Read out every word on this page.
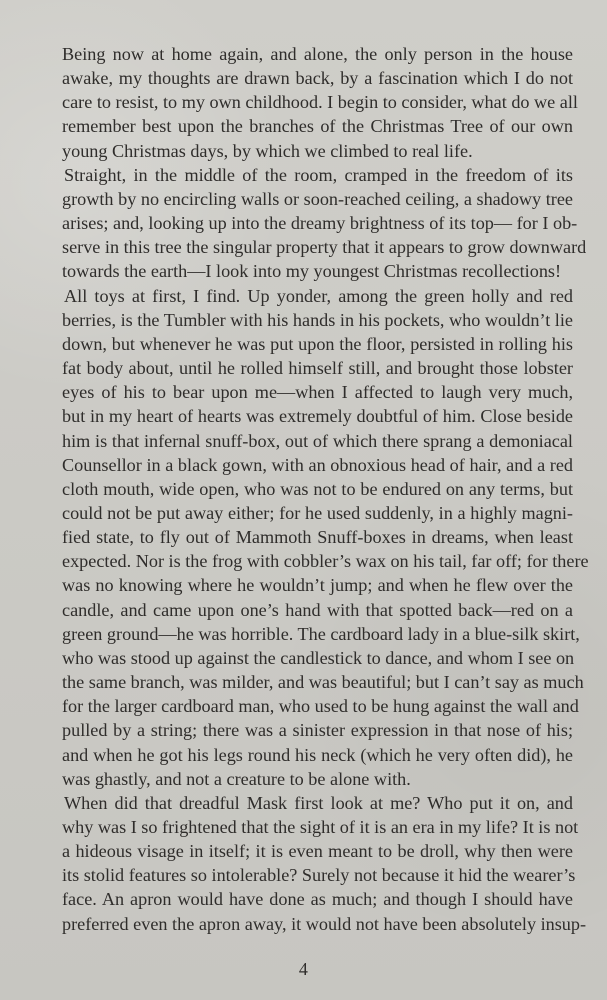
Being now at home again, and alone, the only person in the house
awake, my thoughts are drawn back, by a fascination which I do not
care to resist, to my own childhood. I begin to consider, what do we all
remember best upon the branches of the Christmas Tree of our own
young Christmas days, by which we climbed to real life.

Straight, in the middle of the room, cramped in the freedom of its
growth by no encircling walls or soon-reached ceiling, a shadowy tree
arises; and, looking up into the dreamy brightness of its top— for I ob-
serve in this tree the singular property that it appears to grow downward
towards the earth—I look into my youngest Christmas recollections!

All toys at first, I find. Up yonder, among the green holly and red
berries, is the Tumbler with his hands in his pockets, who wouldn’t lie
down, but whenever he was put upon the floor, persisted in rolling his
fat body about, until he rolled himself still, and brought those lobster
eyes of his to bear upon me—when I affected to laugh very much,
but in my heart of hearts was extremely doubtful of him. Close beside
him is that infernal snuff-box, out of which there sprang a demoniacal
Counsellor in a black gown, with an obnoxious head of hair, and a red
cloth mouth, wide open, who was not to be endured on any terms, but
could not be put away either; for he used suddenly, in a highly magni-
fied state, to fly out of Mammoth Snuff-boxes in dreams, when least
expected. Nor is the frog with cobbler’s wax on his tail, far off; for there
was no knowing where he wouldn’t jump; and when he flew over the
candle, and came upon one’s hand with that spotted back—red on a
green ground—he was horrible. The cardboard lady in a blue-silk skirt,
who was stood up against the candlestick to dance, and whom I see on
the same branch, was milder, and was beautiful; but I can’t say as much
for the larger cardboard man, who used to be hung against the wall and
pulled by a string; there was a sinister expression in that nose of his;
and when he got his legs round his neck (which he very often did), he
was ghastly, and not a creature to be alone with.

When did that dreadful Mask first look at me? Who put it on, and
why was I so frightened that the sight of it is an era in my life? It is not
a hideous visage in itself; it is even meant to be droll, why then were
its stolid features so intolerable? Surely not because it hid the wearer’s
face. An apron would have done as much; and though I should have
preferred even the apron away, it would not have been absolutely insup-

4
